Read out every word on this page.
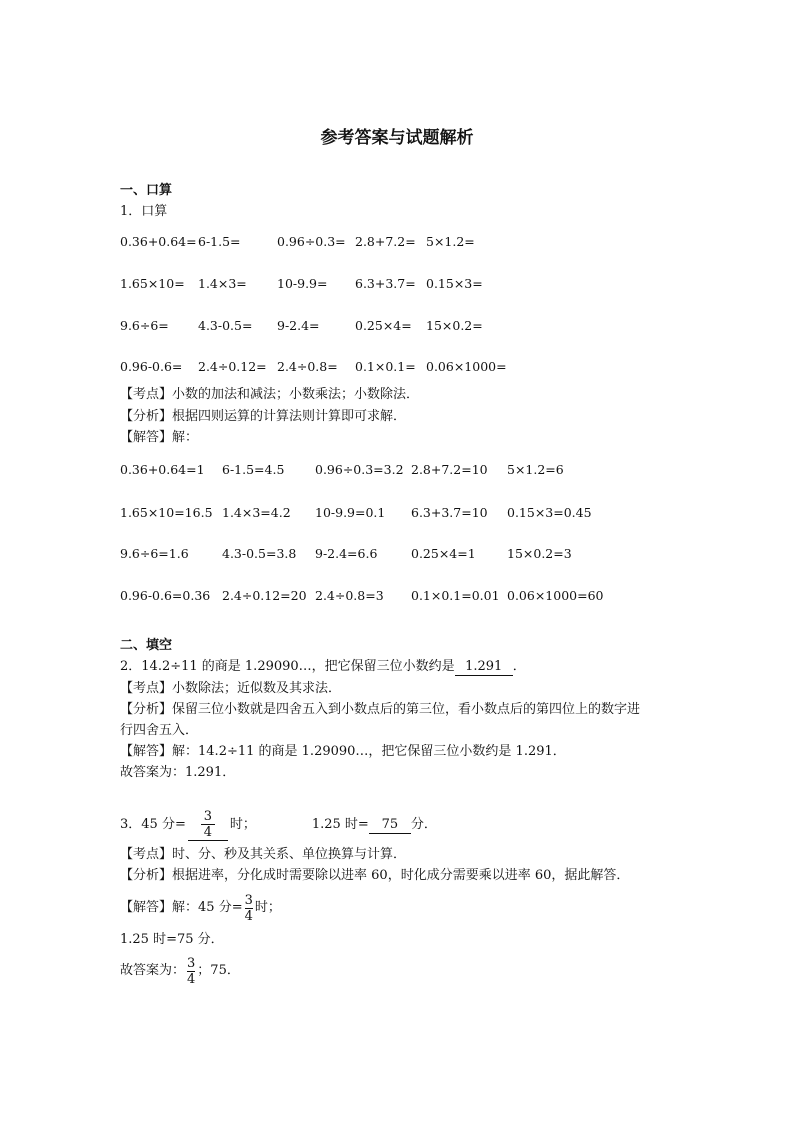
参考答案与试题解析
一、口算
1．口算
0.36+0.64= 6-1.5=	0.96÷0.3= 2.8+7.2= 5×1.2=
1.65×10= 1.4×3= 10-9.9= 6.3+3.7= 0.15×3=
9.6÷6= 4.3-0.5= 9-2.4=	0.25×4= 15×0.2=
0.96-0.6= 2.4÷0.12= 2.4÷0.8= 0.1×0.1= 0.06×1000=
【考点】小数的加法和减法；小数乘法；小数除法．
【分析】根据四则运算的计算法则计算即可求解．
【解答】解：
0.36+0.64=1 6-1.5=4.5 0.96÷0.3=3.2 2.8+7.2=10 5×1.2=6
1.65×10=16.5 1.4×3=4.2 10-9.9=0.1 6.3+3.7=10 0.15×3=0.45
9.6÷6=1.6	4.3-0.5=3.8 9-2.4=6.6	0.25×4=1	15×0.2=3
0.96-0.6=0.36 2.4÷0.12=20 2.4÷0.8=3 0.1×0.1=0.01 0.06×1000=60
二、填空
2．14.2÷11 的商是 1.29090…，把它保留三位小数约是 1.291 ．
【考点】小数除法；近似数及其求法．
【分析】保留三位小数就是四舍五入到小数点后的第三位，看小数点后的第四位上的数字进
行四舍五入．
【解答】解：14.2÷11 的商是 1.29090…，把它保留三位小数约是 1.291．
故答案为：1.291．
3．45 分= $\frac{3}{4}$ 时；	1.25 时= 75 分．
【考点】时、分、秒及其关系、单位换算与计算．
【分析】根据进率，分化成时需要除以进率 60，时化成分需要乘以进率 60，据此解答．
【解答】 解：45 分= $\frac{3}{4}$ 时；
1.25 时=75 分．
故答案为： $\frac{3}{4}$ ；75．
